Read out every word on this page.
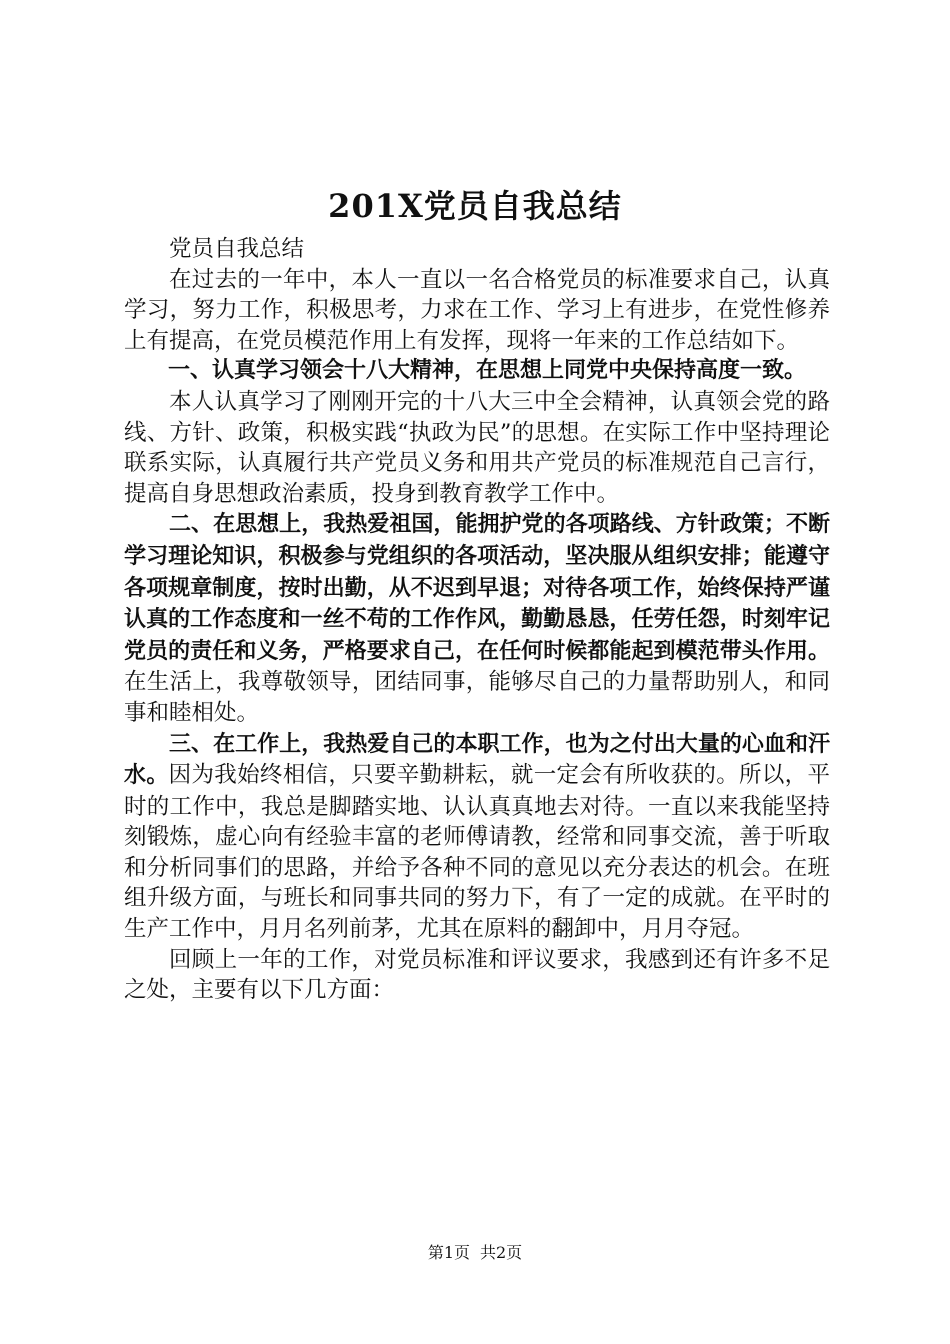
201X党员自我总结

党员自我总结

在过去的一年中，本人一直以一名合格党员的标准要求自己，认真学习，努力工作，积极思考，力求在工作、学习上有进步，在党性修养上有提高，在党员模范作用上有发挥，现将一年来的工作总结如下。

一、认真学习领会十八大精神，在思想上同党中央保持高度一致。

本人认真学习了刚刚开完的十八大三中全会精神，认真领会党的路线、方针、政策，积极实践“执政为民”的思想。在实际工作中坚持理论联系实际，认真履行共产党员义务和用共产党员的标准规范自己言行，提高自身思想政治素质，投身到教育教学工作中。

二、在思想上，我热爱祖国，能拥护党的各项路线、方针政策；不断学习理论知识，积极参与党组织的各项活动，坚决服从组织安排；能遵守各项规章制度，按时出勤，从不迟到早退；对待各项工作，始终保持严谨认真的工作态度和一丝不苟的工作作风，勤勤恳恳，任劳任怨，时刻牢记党员的责任和义务，严格要求自己，在任何时候都能起到模范带头作用。在生活上，我尊敬领导，团结同事，能够尽自己的力量帮助别人，和同事和睦相处。

三、在工作上，我热爱自己的本职工作，也为之付出大量的心血和汗水。因为我始终相信，只要辛勤耕耘，就一定会有所收获的。所以，平时的工作中，我总是脚踏实地、认认真真地去对待。一直以来我能坚持刻锻炼，虚心向有经验丰富的老师傅请教，经常和同事交流，善于听取和分析同事们的思路，并给予各种不同的意见以充分表达的机会。在班组升级方面，与班长和同事共同的努力下，有了一定的成就。在平时的生产工作中，月月名列前茅，尤其在原料的翻卸中，月月夺冠。

回顾上一年的工作，对党员标准和评议要求，我感到还有许多不足之处，主要有以下几方面：

第1页 共2页
